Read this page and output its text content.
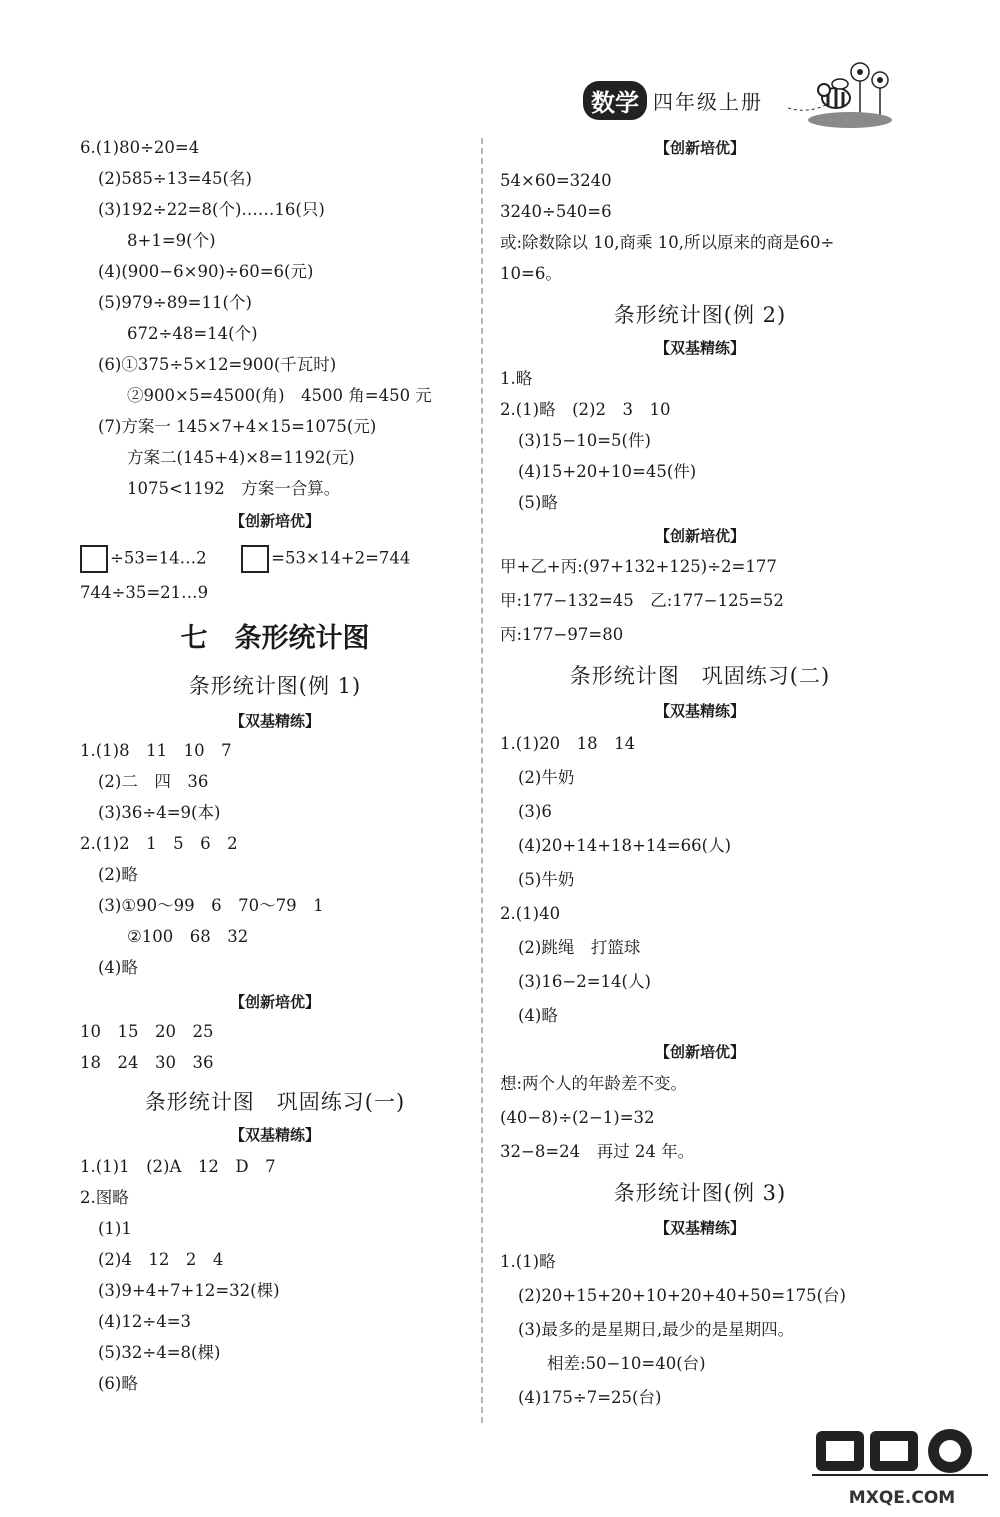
数学 四年级上册
6.(1)80÷20=4
(2)585÷13=45(名)
(3)192÷22=8(个)……16(只)
8+1=9(个)
(4)(900−6×90)÷60=6(元)
(5)979÷89=11(个)
672÷48=14(个)
(6)①375÷5×12=900(千瓦时)
②900×5=4500(角)　4500 角=450 元
(7)方案一 145×7+4×15=1075(元)
方案二(145+4)×8=1192(元)
1075<1192　方案一合算。
【创新培优】
÷53=14…2	=53×14+2=744
744÷35=21…9
七　条形统计图
条形统计图(例 1)
【双基精练】
1.(1)8　11　10　7
(2)二　四　36
(3)36÷4=9(本)
2.(1)2　1　5　6　2
(2)略
(3)①90～99　6　70～79　1
②100　68　32
(4)略
【创新培优】
10　15　20　25
18　24　30　36
条形统计图　巩固练习(一)
【双基精练】
1.(1)1　(2)A　12　D　7
2.图略
(1)1
(2)4　12　2　4
(3)9+4+7+12=32(棵)
(4)12÷4=3
(5)32÷4=8(棵)
(6)略
【创新培优】
54×60=3240
3240÷540=6
或:除数除以 10,商乘 10,所以原来的商是60÷
10=6。
条形统计图(例 2)
【双基精练】
1.略
2.(1)略　(2)2　3　10
(3)15−10=5(件)
(4)15+20+10=45(件)
(5)略
【创新培优】
甲+乙+丙:(97+132+125)÷2=177
甲:177−132=45　乙:177−125=52
丙:177−97=80
条形统计图　巩固练习(二)
【双基精练】
1.(1)20　18　14
(2)牛奶
(3)6
(4)20+14+18+14=66(人)
(5)牛奶
2.(1)40
(2)跳绳　打篮球
(3)16−2=14(人)
(4)略
【创新培优】
想:两个人的年龄差不变。
(40−8)÷(2−1)=32
32−8=24　再过 24 年。
条形统计图(例 3)
【双基精练】
1.(1)略
(2)20+15+20+10+20+40+50=175(台)
(3)最多的是星期日,最少的是星期四。
相差:50−10=40(台)
(4)175÷7=25(台)
MXQE.COM
